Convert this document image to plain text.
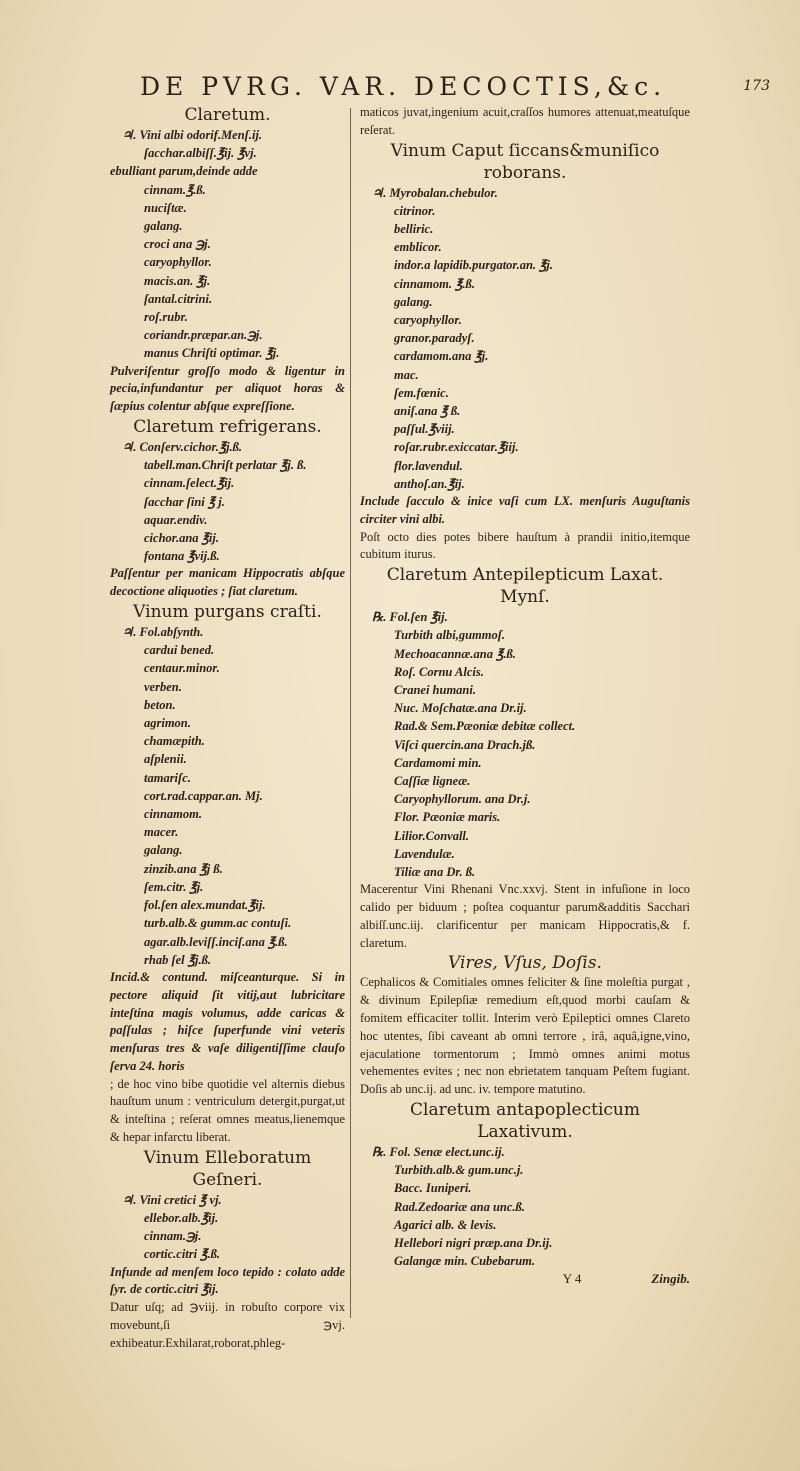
DE PVRG. VAR. DECOCTIS,&c.	173
Claretum.
♃. Vini albi odorif.Menſ.ij.
ſacchar.albiſſ.℥ij. ℥vj.
ebulliant parum,deinde adde
cinnam.℥.ß.
nuciſtæ.
galang.
croci ana ℈j.
caryophyllor.
macis.an. ℥j.
ſantal.citrini.
roſ.rubr.
coriandr.præpar.an.℈j.
manus Chriſti optimar. ℥j.
Pulveriſentur groſſo modo & ligentur in pecia,infundantur per aliquot horas & ſæpius colentur abſque expreſſione.
Claretum refrigerans.
♃. Conſerv.cichor.℥j.ß.
tabell.man.Chriſt perlatar ℥j. ß.
cinnam.ſelect.℥ij.
ſacchar ſini ℥ j.
aquar.endiv.
cichor.ana ℥ij.
fontana ℥vij.ß.
Paſſentur per manicam Hippocratis abſque decoctione aliquoties ; ſiat claretum.
Vinum purgans craſti.
♃. Fol.abſynth.
cardui bened.
centaur.minor.
verben.
beton.
agrimon.
chamæpith.
aſplenii.
tamariſc.
cort.rad.cappar.an. Mj.
cinnamom.
macer.
galang.
zinzib.ana ℥j ß.
ſem.citr. ℥j.
fol.ſen alex.mundat.℥ij.
turb.alb.& gumm.ac contuſi.
agar.alb.leviſſ.inciſ.ana ℥.ß.
rhab ſel ℥j.ß.
Incid.& contund. miſceanturque. Si in pectore aliquid ſit vitij,aut lubricitare inteſtina magis volumus, adde caricas & paſſulas ; hiſce ſuperfunde vini veteris menſuras tres & vaſe diligentiſſime clauſo ſerva 24. horis
; de hoc vino bibe quotidie vel alternis diebus hauſtum unum : ventriculum detergit,purgat,ut & inteſtina ; reſerat omnes meatus,lienemque & hepar infarctu liberat.
Vinum Elleboratum Geſneri.
♃. Vini cretici ℥ vj.
ellebor.alb.℥ij.
cinnam.℈j.
cortic.citri ℥.ß.
Infunde ad menſem loco tepido : colato adde ſyr. de cortic.citri ℥ij.
Datur uſq; ad ℈viij. in robuſto corpore vix movebunt,ſi ℈vj. exhibeatur.Exhilarat,roborat,phleg-
maticos juvat,ingenium acuit,craſſos humores attenuat,meatuſque reſerat.
Vinum Caput ſiccans&muniſico roborans.
♃. Myrobalan.chebulor.
citrinor.
belliric.
emblicor.
indor.a lapidib.purgator.an. ℥j.
cinnamom. ℥.ß.
galang.
caryophyllor.
granor.paradyſ.
cardamom.ana ℥j.
mac.
ſem.fœnic.
aniſ.ana ℥ ß.
paſſul.℥viij.
roſar.rubr.exiccatar.℥iij.
flor.lavendul.
anthoſ.an.℥ij.
Include ſacculo & inice vaſi cum LX. menſuris Auguſtanis circiter vini albi.
Poſt octo dies potes bibere hauſtum à prandii initio,itemque cubitum iturus.
Claretum Antepilepticum Laxat. Mynſ.
℞. Fol.ſen ℥ij.
Turbith albi,gummoſ.
Mechoacannæ.ana ℥.ß.
Roſ. Cornu Alcis.
Cranei humani.
Nuc. Moſchatæ.ana Dr.ij.
Rad.& Sem.Pæoniæ debitæ collect.
Viſci quercin.ana Drach.jß.
Cardamomi min.
Caſſiæ ligneæ.
Caryophyllorum. ana Dr.j.
Flor. Pæoniæ maris.
Lilior.Convall.
Lavendulæ.
Tiliæ ana Dr. ß.
Macerentur Vini Rhenani Vnc.xxvj. Stent in infuſione in loco calido per biduum ; poſtea coquantur parum&additis Sacchari albiſſ.unc.iij. clarificentur per manicam Hippocratis,& f. claretum.
Vires, Vſus, Doſis.
Cephalicos & Comitiales omnes feliciter & ſine moleſtia purgat , & divinum Epilepſiæ remedium eſt,quod morbi cauſam & fomitem efficaciter tollit. Interim verò Epileptici omnes Clareto hoc utentes, ſibi caveant ab omni terrore , irâ, aquâ,igne,vino, ejaculatione tormentorum ; Immò omnes animi motus vehementes evites ; nec non ebrietatem tanquam Peſtem fugiant. Doſis ab unc.ij. ad unc. iv. tempore matutino.
Claretum antapoplecticum Laxativum.
℞. Fol. Senæ elect.unc.ij.
Turbith.alb.& gum.unc.j.
Bacc. Iuniperi.
Rad.Zedoariæ ana unc.ß.
Agarici alb. & levis.
Hellebori nigri præp.ana Dr.ij.
Galangæ min. Cubebarum.
Y 4	Zingib.
